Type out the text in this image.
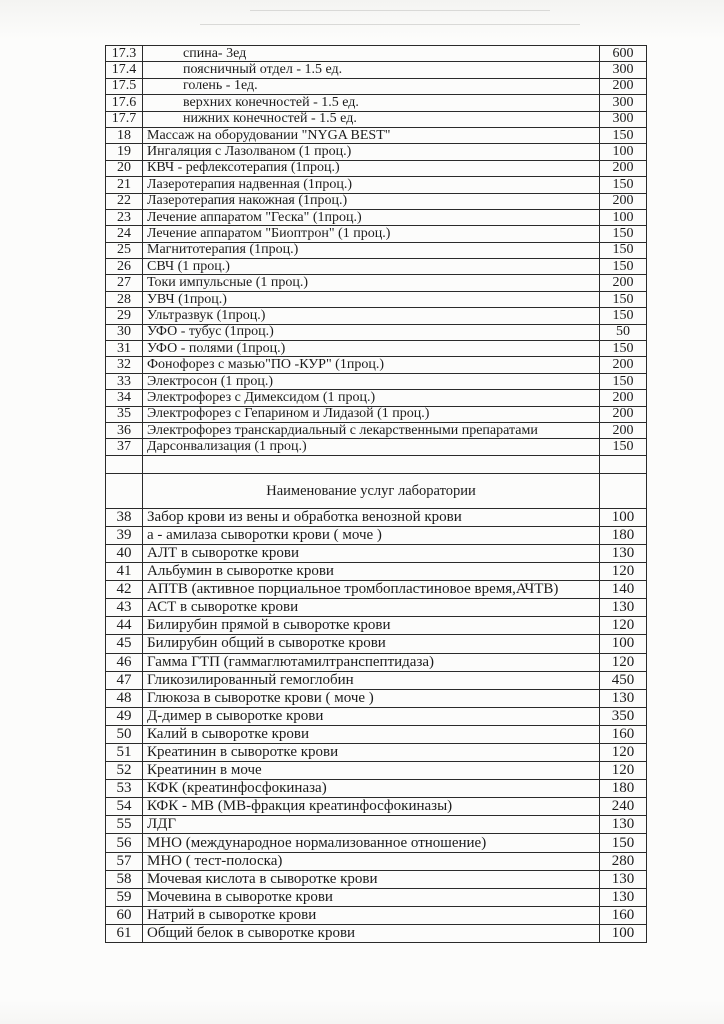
17.3	спина- 3ед	600
17.4	поясничный отдел - 1.5 ед.	300
17.5	голень - 1ед.	200
17.6	верхних конечностей - 1.5 ед.	300
17.7	нижних конечностей - 1.5 ед.	300
18	Массаж на оборудовании "NYGA BEST"	150
19	Ингаляция с Лазолваном (1 проц.)	100
20	КВЧ - рефлексотерапия (1проц.)	200
21	Лазеротерапия надвенная (1проц.)	150
22	Лазеротерапия накожная (1проц.)	200
23	Лечение аппаратом "Геска" (1проц.)	100
24	Лечение аппаратом "Биоптрон" (1 проц.)	150
25	Магнитотерапия (1проц.)	150
26	СВЧ (1 проц.)	150
27	Токи импульсные (1 проц.)	200
28	УВЧ (1проц.)	150
29	Ультразвук (1проц.)	150
30	УФО - тубус (1проц.)	50
31	УФО - полями (1проц.)	150
32	Фонофорез с мазью"ПО -КУР" (1проц.)	200
33	Электросон (1 проц.)	150
34	Электрофорез с Димексидом (1 проц.)	200
35	Электрофорез с Гепарином и Лидазой (1 проц.)	200
36	Электрофорез транскардиальный с лекарственными препаратами	200
37	Дарсонвализация (1 проц.)	150

	Наименование услуг лаборатории	
38	Забор крови из вены и обработка венозной крови	100
39	а - амилаза сыворотки крови ( моче )	180
40	АЛТ в сыворотке крови	130
41	Альбумин в сыворотке крови	120
42	АПТВ (активное порциальное тромбопластиновое время,АЧТВ)	140
43	АСТ в сыворотке крови	130
44	Билирубин прямой в сыворотке крови	120
45	Билирубин общий в сыворотке крови	100
46	Гамма ГТП (гаммаглютамилтранспептидаза)	120
47	Гликозилированный гемоглобин	450
48	Глюкоза в сыворотке крови ( моче )	130
49	Д-димер в сыворотке крови	350
50	Калий в сыворотке крови	160
51	Креатинин в сыворотке крови	120
52	Креатинин в моче	120
53	КФК (креатинфосфокиназа)	180
54	КФК - МВ (МВ-фракция креатинфосфокиназы)	240
55	ЛДГ	130
56	МНО (международное нормализованное отношение)	150
57	МНО ( тест-полоска)	280
58	Мочевая кислота в сыворотке крови	130
59	Мочевина в сыворотке крови	130
60	Натрий в сыворотке крови	160
61	Общий белок в сыворотке крови	100
